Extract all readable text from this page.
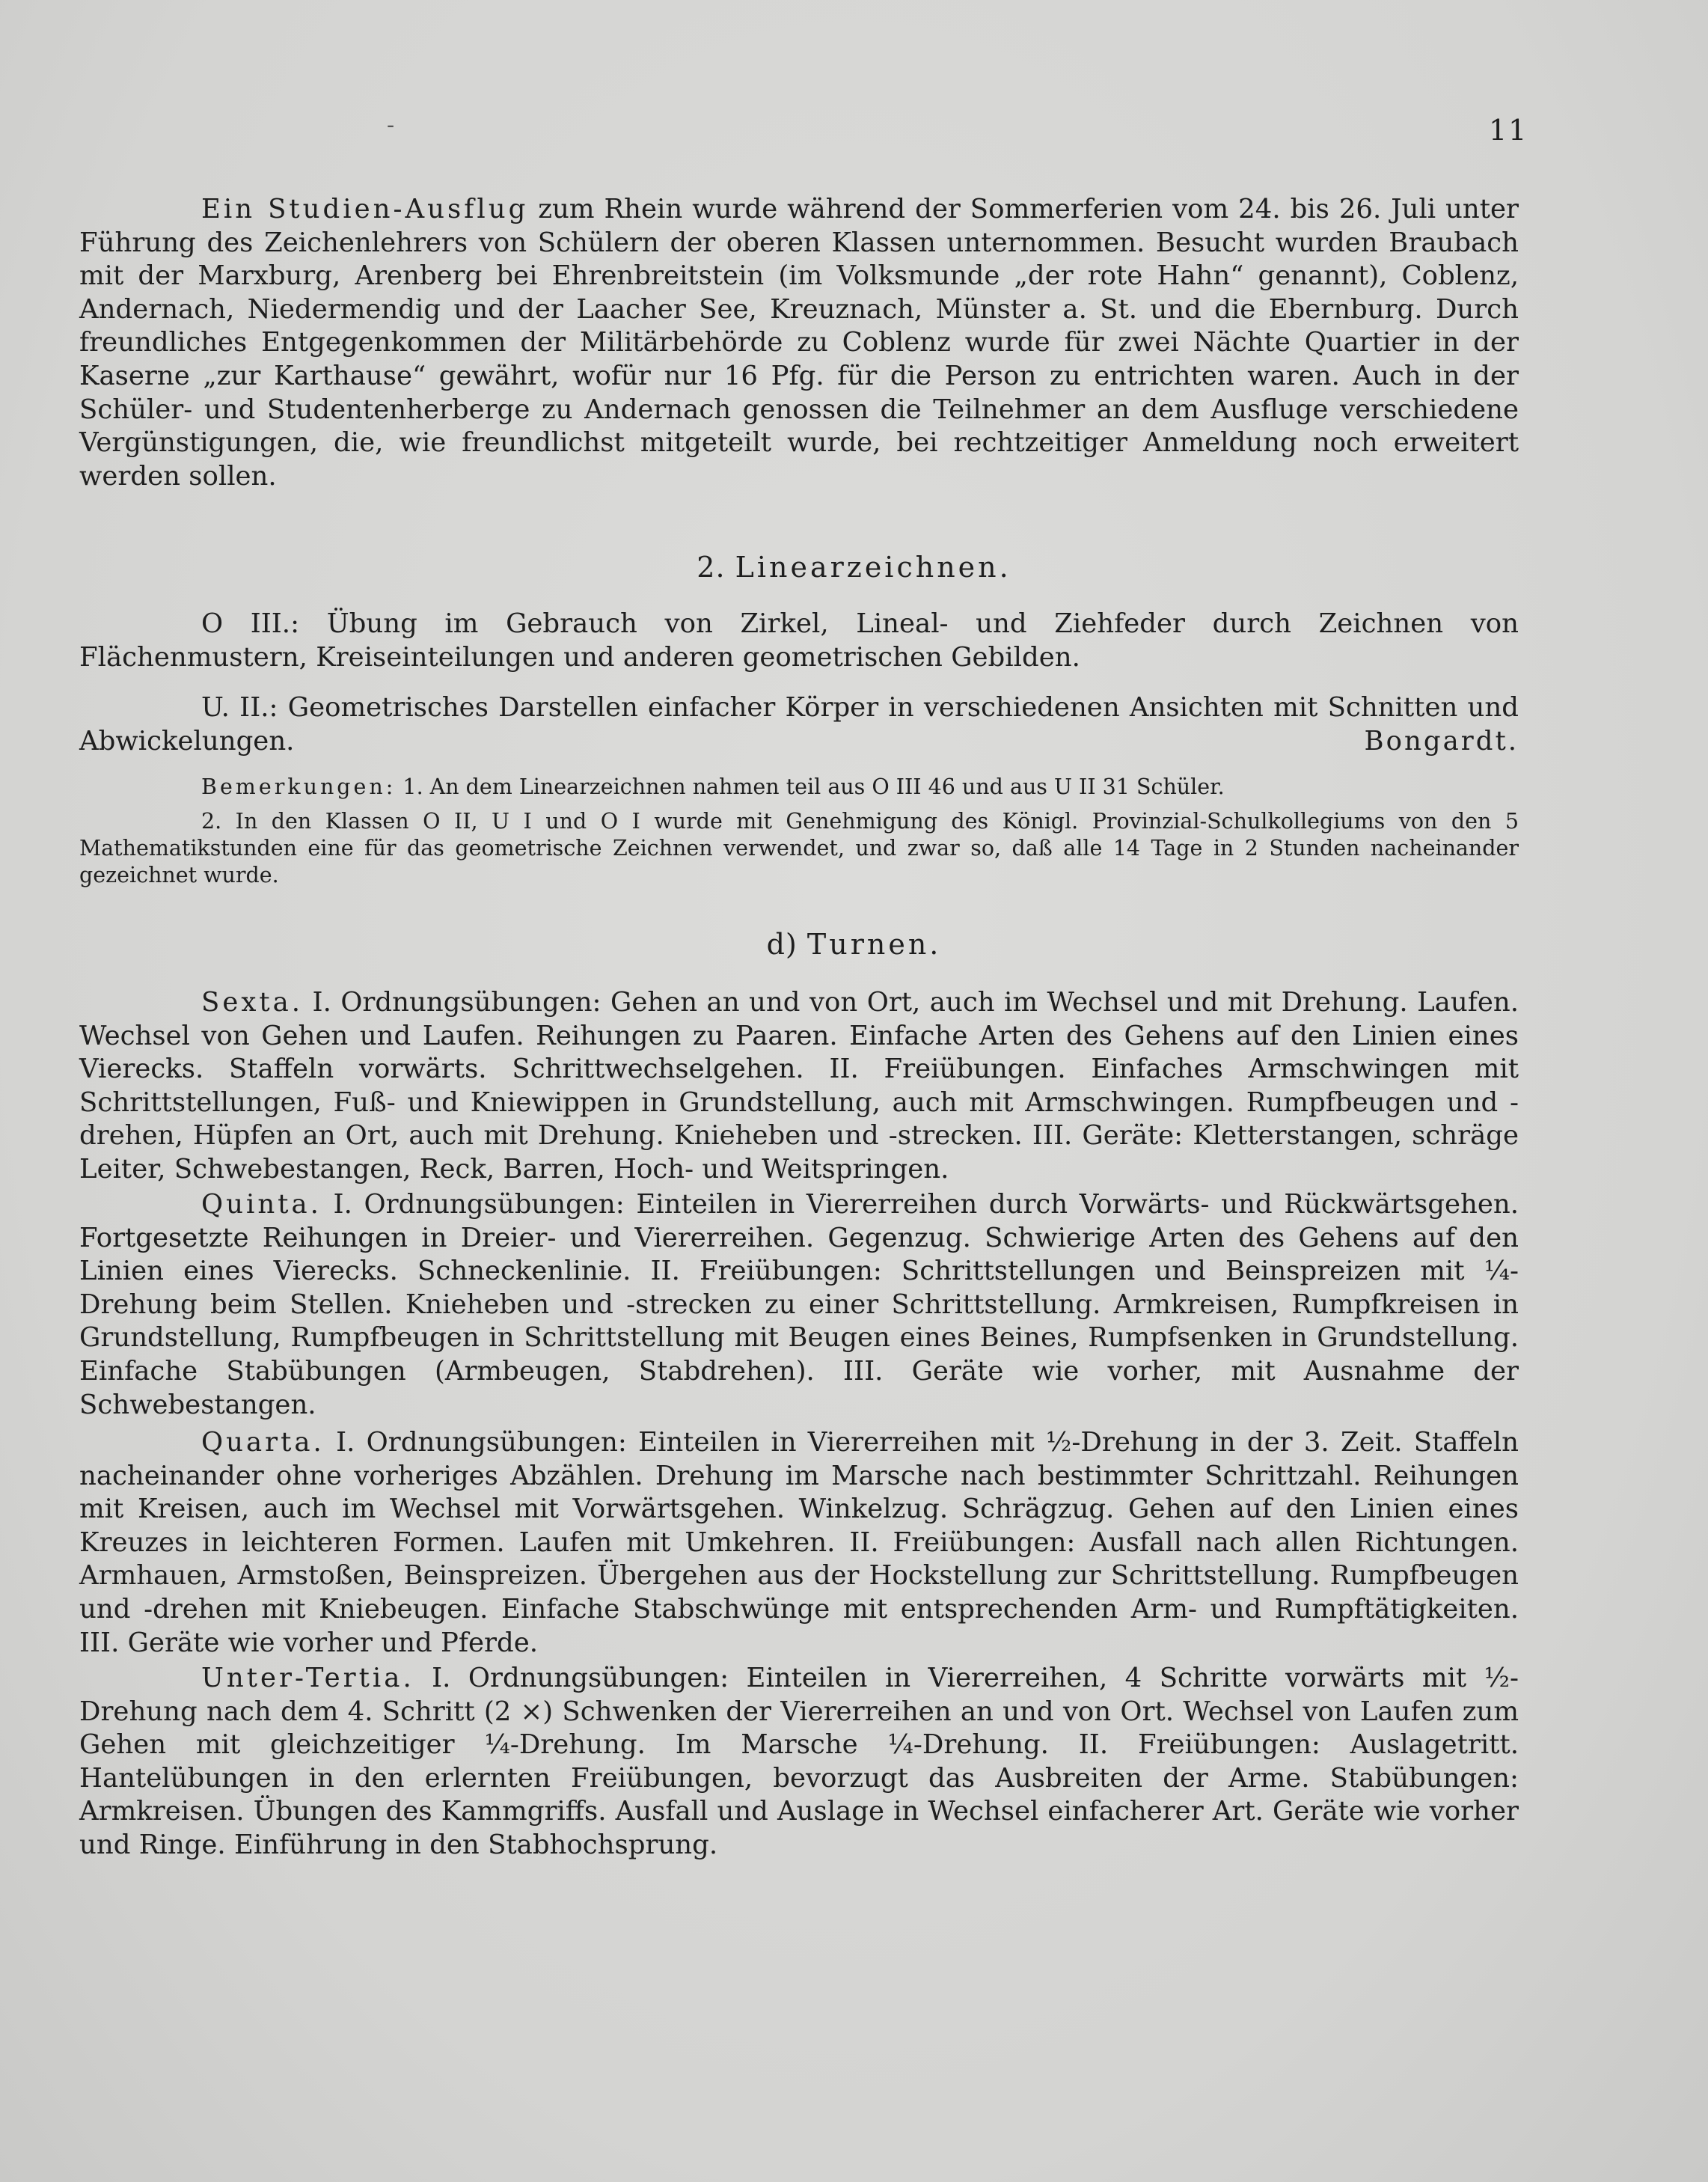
-	11

Ein Studien-Ausflug zum Rhein wurde während der Sommerferien vom 24. bis 26. Juli unter Führung des Zeichenlehrers von Schülern der oberen Klassen unternommen. Besucht wurden Braubach mit der Marxburg, Arenberg bei Ehrenbreitstein (im Volksmunde „der rote Hahn“ genannt), Coblenz, Andernach, Niedermendig und der Laacher See, Kreuznach, Münster a. St. und die Ebernburg. Durch freundliches Entgegenkommen der Militärbehörde zu Coblenz wurde für zwei Nächte Quartier in der Kaserne „zur Karthause“ gewährt, wofür nur 16 Pfg. für die Person zu entrichten waren. Auch in der Schüler- und Studentenherberge zu Andernach genossen die Teilnehmer an dem Ausfluge verschiedene Vergünstigungen, die, wie freundlichst mitgeteilt wurde, bei rechtzeitiger Anmeldung noch erweitert werden sollen.

2. Linearzeichnen.

O III.: Übung im Gebrauch von Zirkel, Lineal- und Ziehfeder durch Zeichnen von Flächenmustern, Kreiseinteilungen und anderen geometrischen Gebilden.

U. II.: Geometrisches Darstellen einfacher Körper in verschiedenen Ansichten mit Schnitten und Abwickelungen.	Bongardt.

Bemerkungen: 1. An dem Linearzeichnen nahmen teil aus O III 46 und aus U II 31 Schüler.

2. In den Klassen O II, U I und O I wurde mit Genehmigung des Königl. Provinzial-Schulkollegiums von den 5 Mathematikstunden eine für das geometrische Zeichnen verwendet, und zwar so, daß alle 14 Tage in 2 Stunden nacheinander gezeichnet wurde.

d) Turnen.

Sexta. I. Ordnungsübungen: Gehen an und von Ort, auch im Wechsel und mit Drehung. Laufen. Wechsel von Gehen und Laufen. Reihungen zu Paaren. Einfache Arten des Gehens auf den Linien eines Vierecks. Staffeln vorwärts. Schrittwechselgehen. II. Freiübungen. Einfaches Armschwingen mit Schrittstellungen, Fuß- und Kniewippen in Grundstellung, auch mit Armschwingen. Rumpfbeugen und -drehen, Hüpfen an Ort, auch mit Drehung. Knieheben und -strecken. III. Geräte: Kletterstangen, schräge Leiter, Schwebestangen, Reck, Barren, Hoch- und Weitspringen.

Quinta. I. Ordnungsübungen: Einteilen in Viererreihen durch Vorwärts- und Rückwärtsgehen. Fortgesetzte Reihungen in Dreier- und Viererreihen. Gegenzug. Schwierige Arten des Gehens auf den Linien eines Vierecks. Schneckenlinie. II. Freiübungen: Schrittstellungen und Beinspreizen mit ¼-Drehung beim Stellen. Knieheben und -strecken zu einer Schrittstellung. Armkreisen, Rumpfkreisen in Grundstellung, Rumpfbeugen in Schrittstellung mit Beugen eines Beines, Rumpfsenken in Grundstellung. Einfache Stabübungen (Armbeugen, Stabdrehen). III. Geräte wie vorher, mit Ausnahme der Schwebestangen.

Quarta. I. Ordnungsübungen: Einteilen in Viererreihen mit ½-Drehung in der 3. Zeit. Staffeln nacheinander ohne vorheriges Abzählen. Drehung im Marsche nach bestimmter Schrittzahl. Reihungen mit Kreisen, auch im Wechsel mit Vorwärtsgehen. Winkelzug. Schrägzug. Gehen auf den Linien eines Kreuzes in leichteren Formen. Laufen mit Umkehren. II. Freiübungen: Ausfall nach allen Richtungen. Armhauen, Armstoßen, Beinspreizen. Übergehen aus der Hockstellung zur Schrittstellung. Rumpfbeugen und -drehen mit Kniebeugen. Einfache Stabschwünge mit entsprechenden Arm- und Rumpftätigkeiten. III. Geräte wie vorher und Pferde.

Unter-Tertia. I. Ordnungsübungen: Einteilen in Viererreihen, 4 Schritte vorwärts mit ½-Drehung nach dem 4. Schritt (2 ×) Schwenken der Viererreihen an und von Ort. Wechsel von Laufen zum Gehen mit gleichzeitiger ¼-Drehung. Im Marsche ¼-Drehung. II. Freiübungen: Auslagetritt. Hantelübungen in den erlernten Freiübungen, bevorzugt das Ausbreiten der Arme. Stabübungen: Armkreisen. Übungen des Kammgriffs. Ausfall und Auslage in Wechsel einfacherer Art. Geräte wie vorher und Ringe. Einführung in den Stabhochsprung.
